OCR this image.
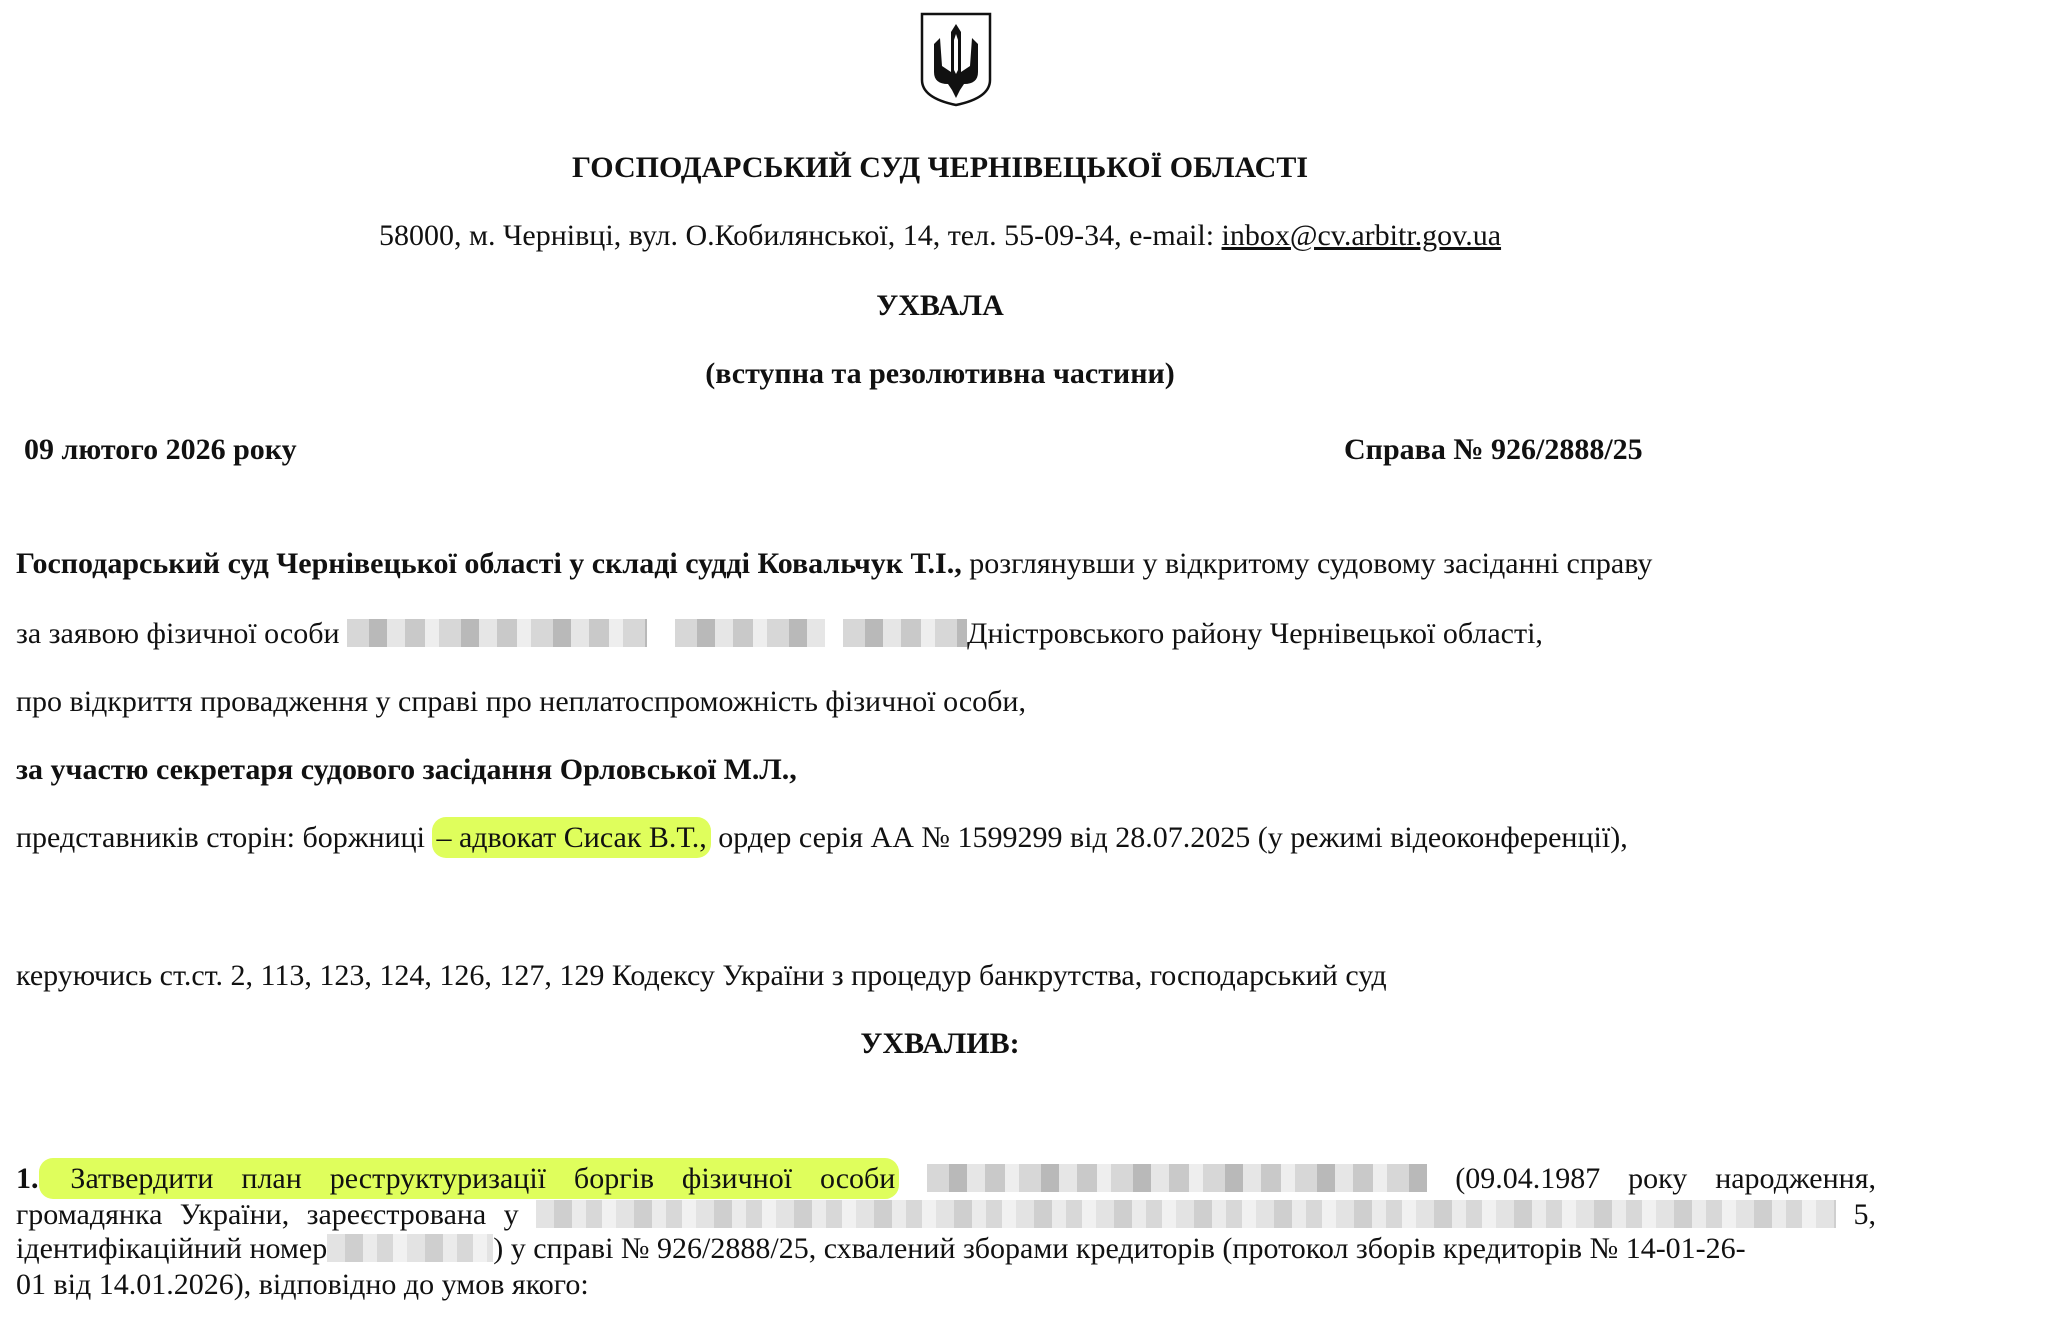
ГОСПОДАРСЬКИЙ СУД ЧЕРНІВЕЦЬКОЇ ОБЛАСТІ
58000, м. Чернівці, вул. О.Кобилянської, 14, тел. 55-09-34, e-mail: inbox@cv.arbitr.gov.ua
УХВАЛА
(вступна та резолютивна частини)
09 лютого 2026 року	Справа № 926/2888/25
Господарський суд Чернівецької області у складі судді Ковальчук Т.І., розглянувши у відкритому судовому засіданні справу
за заявою фізичної особи	Дністровського району Чернівецької області,
про відкриття провадження у справі про неплатоспроможність фізичної особи,
за участю секретаря судового засідання Орловської М.Л.,
представників сторін: боржниці – адвокат Сисак В.Т., ордер серія АА № 1599299 від 28.07.2025 (у режимі відеоконференції),
керуючись ст.ст. 2, 113, 123, 124, 126, 127, 129 Кодексу України з процедур банкрутства, господарський суд
УХВАЛИВ:
1. Затвердити план реструктуризації боргів фізичної особи	(09.04.1987 року народження,
громадянка України, зареєстрована у	5,
ідентифікаційний номер	) у справі № 926/2888/25, схвалений зборами кредиторів (протокол зборів кредиторів № 14-01-26-
01 від 14.01.2026), відповідно до умов якого:
